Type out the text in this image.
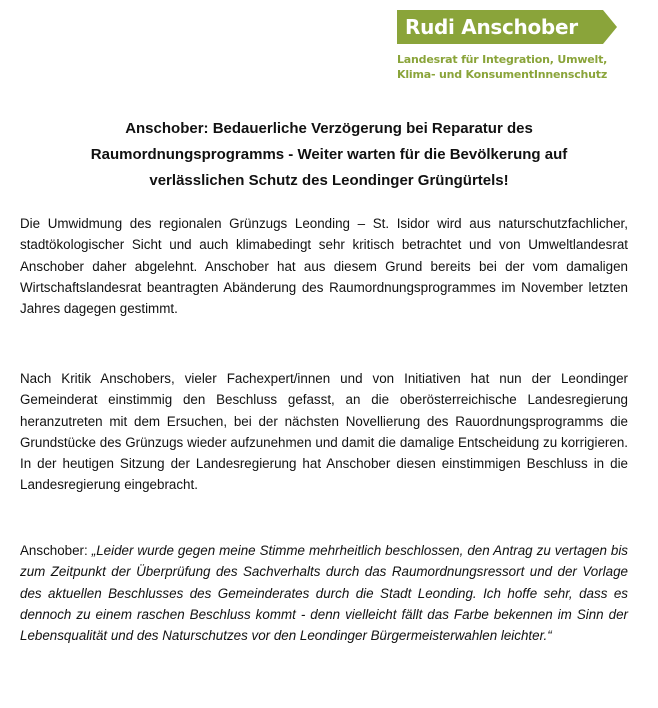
Rudi Anschober
Landesrat für Integration, Umwelt,
Klima- und KonsumentInnenschutz
Anschober: Bedauerliche Verzögerung bei Reparatur des
Raumordnungsprogramms - Weiter warten für die Bevölkerung auf
verlässlichen Schutz des Leondinger Grüngürtels!

Die Umwidmung des regionalen Grünzugs Leonding – St. Isidor wird aus naturschutzfachlicher, stadtökologischer Sicht und auch klimabedingt sehr kritisch betrachtet und von Umweltlandesrat Anschober daher abgelehnt. Anschober hat aus diesem Grund bereits bei der vom damaligen Wirtschaftslandesrat beantragten Abänderung des Raumordnungsprogrammes im November letzten Jahres dagegen gestimmt.

Nach Kritik Anschobers, vieler Fachexpert/innen und von Initiativen hat nun der Leondinger Gemeinderat einstimmig den Beschluss gefasst, an die oberösterreichische Landesregierung heranzutreten mit dem Ersuchen, bei der nächsten Novellierung des Rauordnungsprogramms die Grundstücke des Grünzugs wieder aufzunehmen und damit die damalige Entscheidung zu korrigieren. In der heutigen Sitzung der Landesregierung hat Anschober diesen einstimmigen Beschluss in die Landesregierung eingebracht.

Anschober: „Leider wurde gegen meine Stimme mehrheitlich beschlossen, den Antrag zu vertagen bis zum Zeitpunkt der Überprüfung des Sachverhalts durch das Raumordnungsressort und der Vorlage des aktuellen Beschlusses des Gemeinderates durch die Stadt Leonding. Ich hoffe sehr, dass es dennoch zu einem raschen Beschluss kommt - denn vielleicht fällt das Farbe bekennen im Sinn der Lebensqualität und des Naturschutzes vor den Leondinger Bürgermeisterwahlen leichter.“
